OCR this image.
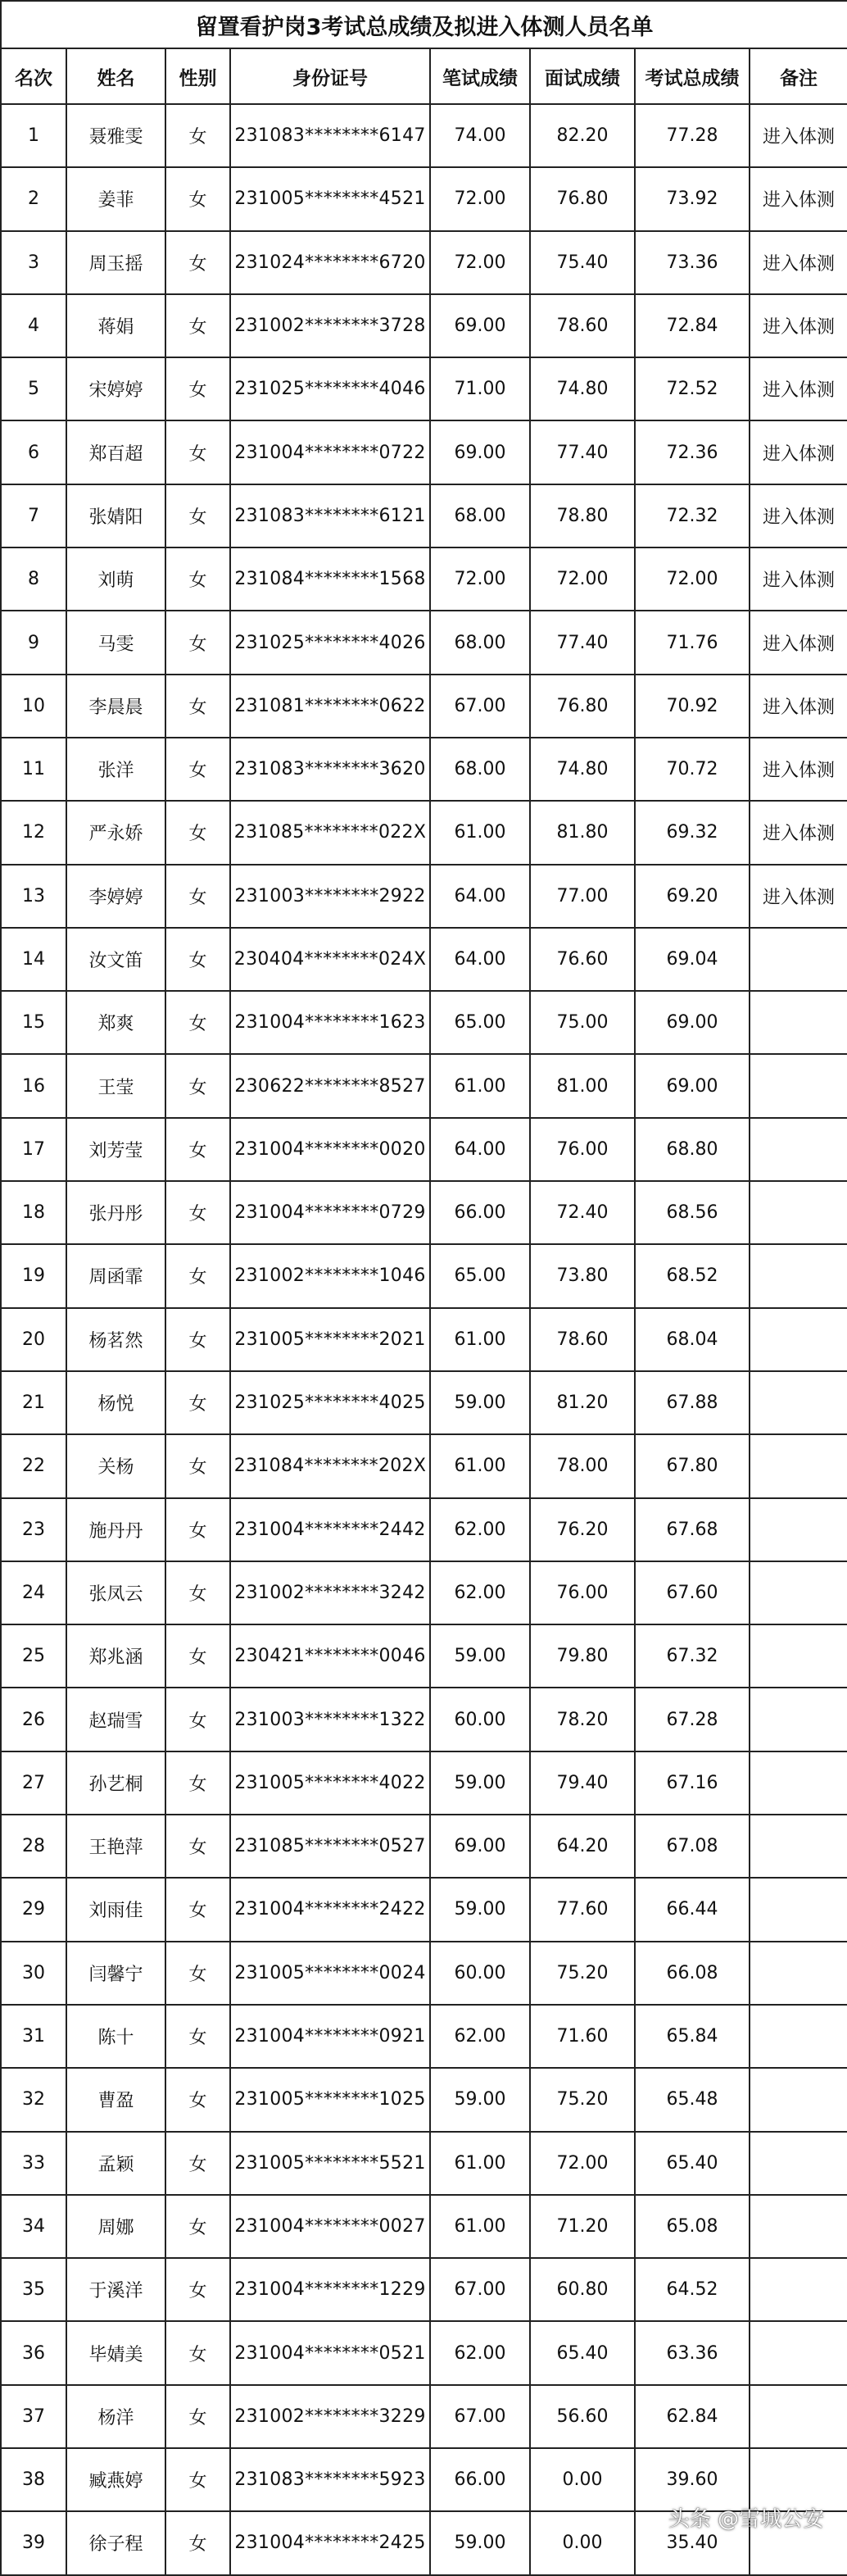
留置看护岗3考试总成绩及拟进入体测人员名单							
名次	姓名	性别	身份证号	笔试成绩	面试成绩	考试总成绩	备注
1	聂雅雯	女	231083********6147	74.00	82.20	77.28	进入体测
2	姜菲	女	231005********4521	72.00	76.80	73.92	进入体测
3	周玉摇	女	231024********6720	72.00	75.40	73.36	进入体测
4	蒋娟	女	231002********3728	69.00	78.60	72.84	进入体测
5	宋婷婷	女	231025********4046	71.00	74.80	72.52	进入体测
6	郑百超	女	231004********0722	69.00	77.40	72.36	进入体测
7	张婧阳	女	231083********6121	68.00	78.80	72.32	进入体测
8	刘萌	女	231084********1568	72.00	72.00	72.00	进入体测
9	马雯	女	231025********4026	68.00	77.40	71.76	进入体测
10	李晨晨	女	231081********0622	67.00	76.80	70.92	进入体测
11	张洋	女	231083********3620	68.00	74.80	70.72	进入体测
12	严永娇	女	231085********022X	61.00	81.80	69.32	进入体测
13	李婷婷	女	231003********2922	64.00	77.00	69.20	进入体测
14	汝文笛	女	230404********024X	64.00	76.60	69.04	
15	郑爽	女	231004********1623	65.00	75.00	69.00	
16	王莹	女	230622********8527	61.00	81.00	69.00	
17	刘芳莹	女	231004********0020	64.00	76.00	68.80	
18	张丹彤	女	231004********0729	66.00	72.40	68.56	
19	周函霏	女	231002********1046	65.00	73.80	68.52	
20	杨茗然	女	231005********2021	61.00	78.60	68.04	
21	杨悦	女	231025********4025	59.00	81.20	67.88	
22	关杨	女	231084********202X	61.00	78.00	67.80	
23	施丹丹	女	231004********2442	62.00	76.20	67.68	
24	张凤云	女	231002********3242	62.00	76.00	67.60	
25	郑兆涵	女	230421********0046	59.00	79.80	67.32	
26	赵瑞雪	女	231003********1322	60.00	78.20	67.28	
27	孙艺桐	女	231005********4022	59.00	79.40	67.16	
28	王艳萍	女	231085********0527	69.00	64.20	67.08	
29	刘雨佳	女	231004********2422	59.00	77.60	66.44	
30	闫馨宁	女	231005********0024	60.00	75.20	66.08	
31	陈十	女	231004********0921	62.00	71.60	65.84	
32	曹盈	女	231005********1025	59.00	75.20	65.48	
33	孟颖	女	231005********5521	61.00	72.00	65.40	
34	周娜	女	231004********0027	61.00	71.20	65.08	
35	于溪洋	女	231004********1229	67.00	60.80	64.52	
36	毕婧美	女	231004********0521	62.00	65.40	63.36	
37	杨洋	女	231002********3229	67.00	56.60	62.84	
38	臧燕婷	女	231083********5923	66.00	0.00	39.60	
39	徐子程	女	231004********2425	59.00	0.00	35.40	
头条 @雪城公安
